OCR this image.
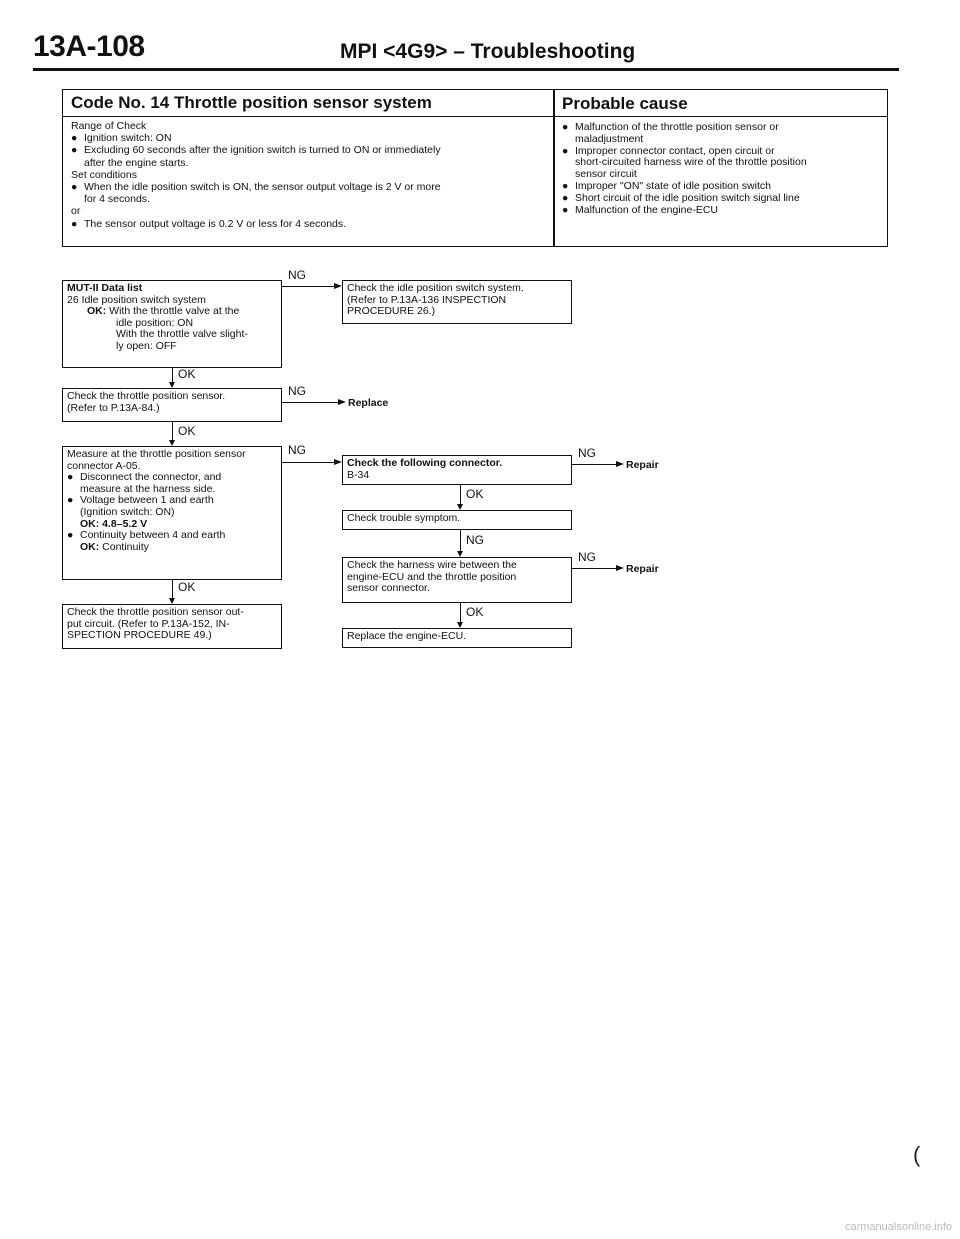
13A-108	MPI <4G9> – Troubleshooting
Code No. 14 Throttle position sensor system	Probable cause
Range of Check
● Ignition switch: ON
● Excluding 60 seconds after the ignition switch is turned to ON or immediately
after the engine starts.
Set conditions
● When the idle position switch is ON, the sensor output voltage is 2 V or more
for 4 seconds.
or
● The sensor output voltage is 0.2 V or less for 4 seconds.
● Malfunction of the throttle position sensor or
maladjustment
● Improper connector contact, open circuit or
short-circuited harness wire of the throttle position
sensor circuit
● Improper "ON" state of idle position switch
● Short circuit of the idle position switch signal line
● Malfunction of the engine-ECU
MUT-II Data list
26 Idle position switch system
OK: With the throttle valve at the
idle position: ON
With the throttle valve slight-
ly open: OFF
Check the throttle position sensor.
(Refer to P.13A-84.)
Measure at the throttle position sensor
connector A-05.
● Disconnect the connector, and
measure at the harness side.
● Voltage between 1 and earth
(Ignition switch: ON)
OK: 4.8–5.2 V
● Continuity between 4 and earth
OK: Continuity
Check the throttle position sensor out-
put circuit. (Refer to P.13A-152, IN-
SPECTION PROCEDURE 49.)
Check the idle position switch system.
(Refer to P.13A-136 INSPECTION
PROCEDURE 26.)
Check the following connector.
B-34
Check trouble symptom.
Check the harness wire between the
engine-ECU and the throttle position
sensor connector.
Replace the engine-ECU.
Replace
Repair
Repair
NG
NG
NG	NG
NG
OK
OK
OK
OK
NG
OK
(
carmanualsonline.info
